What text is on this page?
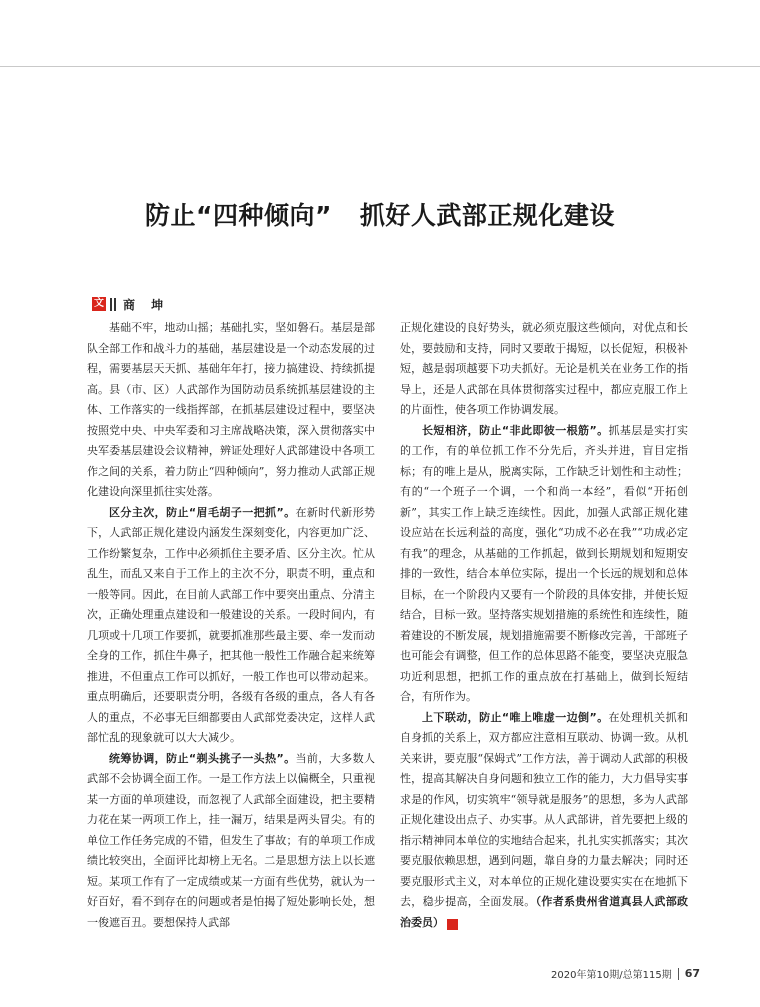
防止“四种倾向” 抓好人武部正规化建设
文 商 坤

基础不牢，地动山摇；基础扎实，坚如磐石。基层是部队全部工作和战斗力的基础，基层建设是一个动态发展的过程，需要基层天天抓、基础年年打，接力搞建设、持续抓提高。县（市、区）人武部作为国防动员系统抓基层建设的主体、工作落实的一线指挥部，在抓基层建设过程中，要坚决按照党中央、中央军委和习主席战略决策，深入贯彻落实中央军委基层建设会议精神，辨证处理好人武部建设中各项工作之间的关系，着力防止“四种倾向”，努力推动人武部正规化建设向深里抓往实处落。

区分主次，防止“眉毛胡子一把抓”。在新时代新形势下，人武部正规化建设内涵发生深刻变化，内容更加广泛、工作纷繁复杂，工作中必须抓住主要矛盾、区分主次。忙从乱生，而乱又来自于工作上的主次不分，职责不明，重点和一般等同。因此，在目前人武部工作中要突出重点、分清主次，正确处理重点建设和一般建设的关系。一段时间内，有几项或十几项工作要抓，就要抓准那些最主要、牵一发而动全身的工作，抓住牛鼻子，把其他一般性工作融合起来统筹推进，不但重点工作可以抓好，一般工作也可以带动起来。重点明确后，还要职责分明，各级有各级的重点，各人有各人的重点，不必事无巨细都要由人武部党委决定，这样人武部忙乱的现象就可以大大减少。

统筹协调，防止“剃头挑子一头热”。当前，大多数人武部不会协调全面工作。一是工作方法上以偏概全，只重视某一方面的单项建设，而忽视了人武部全面建设，把主要精力花在某一两项工作上，挂一漏万，结果是两头冒尖。有的单位工作任务完成的不错，但发生了事故；有的单项工作成绩比较突出，全面评比却榜上无名。二是思想方法上以长遮短。某项工作有了一定成绩或某一方面有些优势，就认为一好百好，看不到存在的问题或者是怕揭了短处影响长处，想一俊遮百丑。要想保持人武部

正规化建设的良好势头，就必须克服这些倾向，对优点和长处，要鼓励和支持，同时又要敢于揭短，以长促短，积极补短，越是弱项越要下功夫抓好。无论是机关在业务工作的指导上，还是人武部在具体贯彻落实过程中，都应克服工作上的片面性，使各项工作协调发展。

长短相济，防止“非此即彼一根筋”。抓基层是实打实的工作，有的单位抓工作不分先后，齐头并进，盲目定指标；有的唯上是从，脱离实际，工作缺乏计划性和主动性；有的“一个班子一个调，一个和尚一本经”，看似“开拓创新”，其实工作上缺乏连续性。因此，加强人武部正规化建设应站在长远利益的高度，强化“功成不必在我”“功成必定有我”的理念，从基础的工作抓起，做到长期规划和短期安排的一致性，结合本单位实际，提出一个长远的规划和总体目标，在一个阶段内又要有一个阶段的具体安排，并使长短结合，目标一致。坚持落实规划措施的系统性和连续性，随着建设的不断发展，规划措施需要不断修改完善，干部班子也可能会有调整，但工作的总体思路不能变，要坚决克服急功近利思想，把抓工作的重点放在打基础上，做到长短结合，有所作为。

上下联动，防止“唯上唯虚一边倒”。在处理机关抓和自身抓的关系上，双方都应注意相互联动、协调一致。从机关来讲，要克服“保姆式”工作方法，善于调动人武部的积极性，提高其解决自身问题和独立工作的能力，大力倡导实事求是的作风，切实筑牢“领导就是服务”的思想，多为人武部正规化建设出点子、办实事。从人武部讲，首先要把上级的指示精神同本单位的实地结合起来，扎扎实实抓落实；其次要克服依赖思想，遇到问题，靠自身的力量去解决；同时还要克服形式主义，对本单位的正规化建设要实实在在地抓下去，稳步提高，全面发展。（作者系贵州省道真县人武部政治委员）	G

2020年第10期/总第115期 67
